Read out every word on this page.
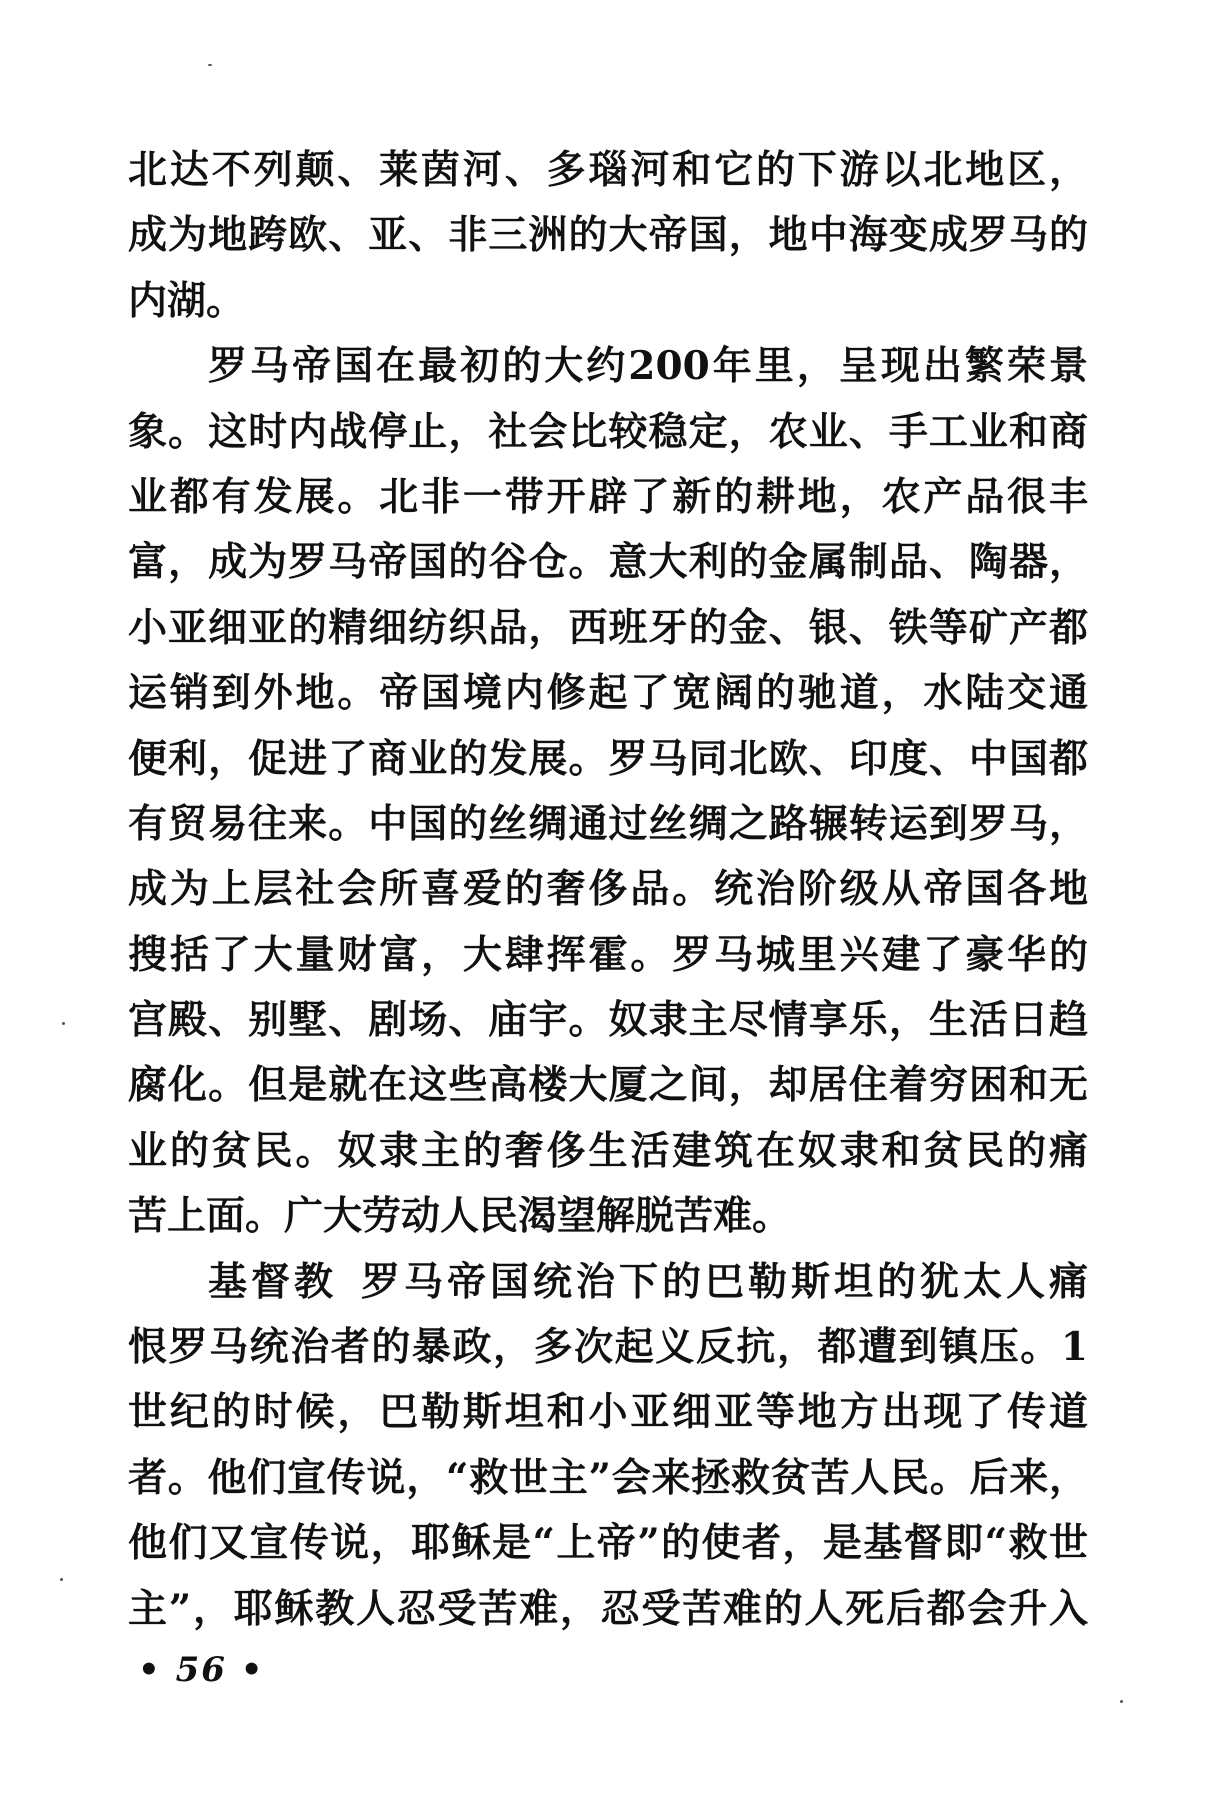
北达不列颠、莱茵河、多瑙河和它的下游以北地区，
成为地跨欧、亚、非三洲的大帝国，地中海变成罗马的
内湖。
罗马帝国在最初的大约200年里，呈现出繁荣景
象。这时内战停止，社会比较稳定，农业、手工业和商
业都有发展。北非一带开辟了新的耕地，农产品很丰
富，成为罗马帝国的谷仓。意大利的金属制品、陶器，
小亚细亚的精细纺织品，西班牙的金、银、铁等矿产都
运销到外地。帝国境内修起了宽阔的驰道，水陆交通
便利，促进了商业的发展。罗马同北欧、印度、中国都
有贸易往来。中国的丝绸通过丝绸之路辗转运到罗马，
成为上层社会所喜爱的奢侈品。统治阶级从帝国各地
搜括了大量财富，大肆挥霍。罗马城里兴建了豪华的
宫殿、别墅、剧场、庙宇。奴隶主尽情享乐，生活日趋
腐化。但是就在这些高楼大厦之间，却居住着穷困和无
业的贫民。奴隶主的奢侈生活建筑在奴隶和贫民的痛
苦上面。广大劳动人民渴望解脱苦难。
基督教 罗马帝国统治下的巴勒斯坦的犹太人痛
恨罗马统治者的暴政，多次起义反抗，都遭到镇压。1
世纪的时候，巴勒斯坦和小亚细亚等地方出现了传道
者。他们宣传说，“救世主”会来拯救贫苦人民。后来，
他们又宣传说，耶稣是“上帝”的使者，是基督即“救世
主”，耶稣教人忍受苦难，忍受苦难的人死后都会升入
• 56 •
